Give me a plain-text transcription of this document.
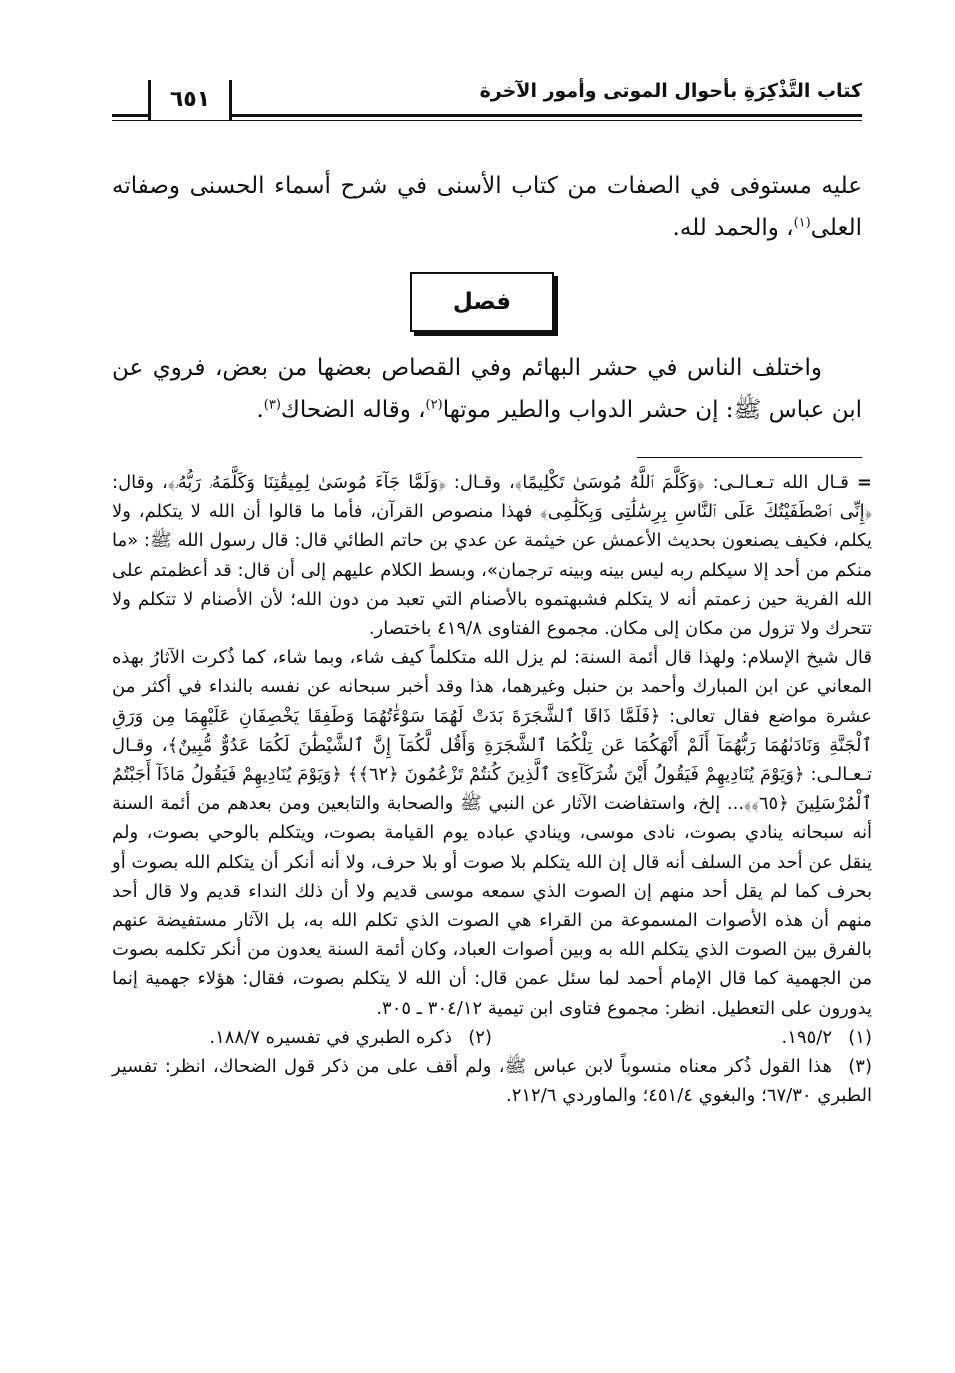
كتاب التَّذْكِرَةِ بأحوال الموتى وأمور الآخرة
٦٥١
عليه مستوفى في الصفات من كتاب الأسنى في شرح أسماء الحسنى وصفاته العلى$^{(١)}$، والحمد لله.
فصل
واختلف الناس في حشر البهائم وفي القصاص بعضها من بعض، فروي عن ابن عباس ﷺ: إن حشر الدواب والطير موتها$^{(٢)}$، وقاله الضحاك$^{(٣)}$.

=قـال الله تـعـالـى: ﴿وَكَلَّمَ ٱللَّهُ مُوسَىٰ تَكْلِيمًا﴾، وقـال: ﴿وَلَمَّا جَآءَ مُوسَىٰ لِمِيقَٰتِنَا وَكَلَّمَهُۥ رَبُّهُۥ﴾، وقال: ﴿إِنِّى ٱصْطَفَيْتُكَ عَلَى ٱلنَّاسِ بِرِسَٰلَٰتِى وَبِكَلَٰمِى﴾ فهذا منصوص القرآن، فأما ما قالوا أن الله لا يتكلم، ولا يكلم، فكيف يصنعون بحديث الأعمش عن خيثمة عن عدي بن حاتم الطائي قال: قال رسول الله ﷺ: «ما منكم من أحد إلا سيكلم ربه ليس بينه وبينه ترجمان»، وبسط الكلام عليهم إلى أن قال: قد أعظمتم على الله الفرية حين زعمتم أنه لا يتكلم فشبهتموه بالأصنام التي تعبد من دون الله؛ لأن الأصنام لا تتكلم ولا تتحرك ولا تزول من مكان إلى مكان. مجموع الفتاوى ٤١٩/٨ باختصار.

قال شيخ الإسلام: ولهذا قال أئمة السنة: لم يزل الله متكلماً كيف شاء، وبما شاء، كما ذُكرت الآثارُ بهذه المعاني عن ابن المبارك وأحمد بن حنبل وغيرهما، هذا وقد أخبر سبحانه عن نفسه بالنداء في أكثر من عشرة مواضع فقال تعالى: ﴿فَلَمَّا ذَاقَا ٱلشَّجَرَةَ بَدَتْ لَهُمَا سَوْءَٰتُهُمَا وَطَفِقَا يَخْصِفَانِ عَلَيْهِمَا مِن وَرَقِ ٱلْجَنَّةِ وَنَادَىٰهُمَا رَبُّهُمَآ أَلَمْ أَنْهَكُمَا عَن تِلْكُمَا ٱلشَّجَرَةِ وَأَقُل لَّكُمَآ إِنَّ ٱلشَّيْطَٰنَ لَكُمَا عَدُوٌّ مُّبِينٌ﴾، وقـال تـعـالـى: ﴿وَيَوْمَ يُنَادِيهِمْ فَيَقُولُ أَيْنَ شُرَكَآءِىَ ٱلَّذِينَ كُنتُمْ تَزْعُمُونَ ﴿٦٢﴾﴾ ﴿وَيَوْمَ يُنَادِيهِمْ فَيَقُولُ مَاذَآ أَجَبْتُمُ ٱلْمُرْسَلِينَ ﴿٦٥﴾﴾... إلخ، واستفاضت الآثار عن النبي ﷺ والصحابة والتابعين ومن بعدهم من أئمة السنة أنه سبحانه ينادي بصوت، نادى موسى، وينادي عباده يوم القيامة بصوت، ويتكلم بالوحي بصوت، ولم ينقل عن أحد من السلف أنه قال إن الله يتكلم بلا صوت أو بلا حرف، ولا أنه أنكر أن يتكلم الله بصوت أو بحرف كما لم يقل أحد منهم إن الصوت الذي سمعه موسى قديم ولا أن ذلك النداء قديم ولا قال أحد منهم أن هذه الأصوات المسموعة من القراء هي الصوت الذي تكلم الله به، بل الآثار مستفيضة عنهم بالفرق بين الصوت الذي يتكلم الله به وبين أصوات العباد، وكان أئمة السنة يعدون من أنكر تكلمه بصوت من الجهمية كما قال الإمام أحمد لما سئل عمن قال: أن الله لا يتكلم بصوت، فقال: هؤلاء جهمية إنما يدورون على التعطيل. انظر: مجموع فتاوى ابن تيمية ٣٠٤/١٢ ـ ٣٠٥.

(١)١٩٥/٢.
(٢)ذكره الطبري في تفسيره ١٨٨/٧.

(٣)هذا القول ذُكر معناه منسوباً لابن عباس ﷺ، ولم أقف على من ذكر قول الضحاك، انظر: تفسير الطبري ٦٧/٣٠؛ والبغوي ٤٥١/٤؛ والماوردي ٢١٢/٦.
